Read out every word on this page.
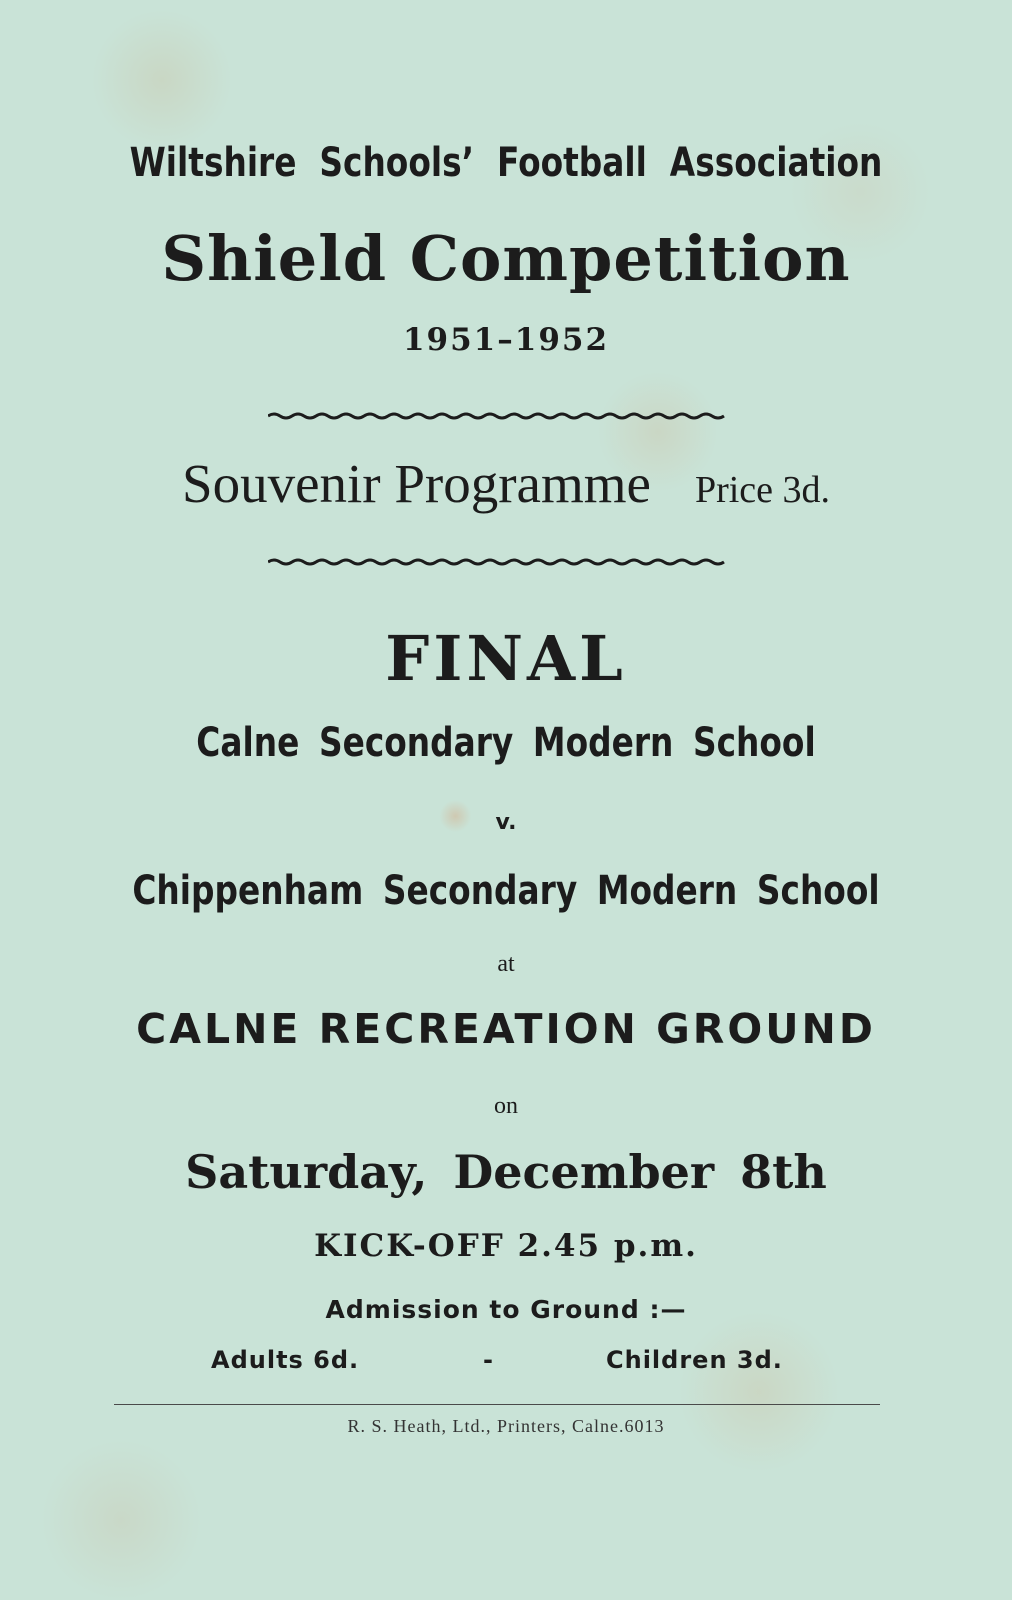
Wiltshire Schools’ Football Association
Shield Competition
1951–1952
Souvenir Programme Price 3d.
FINAL
Calne Secondary Modern School
v.
Chippenham Secondary Modern School
at
CALNE RECREATION GROUND
on
Saturday, December 8th
KICK-OFF 2.45 p.m.
Admission to Ground :—
Adults 6d.	-	Children 3d.
R. S. Heath, Ltd., Printers, Calne.6013
